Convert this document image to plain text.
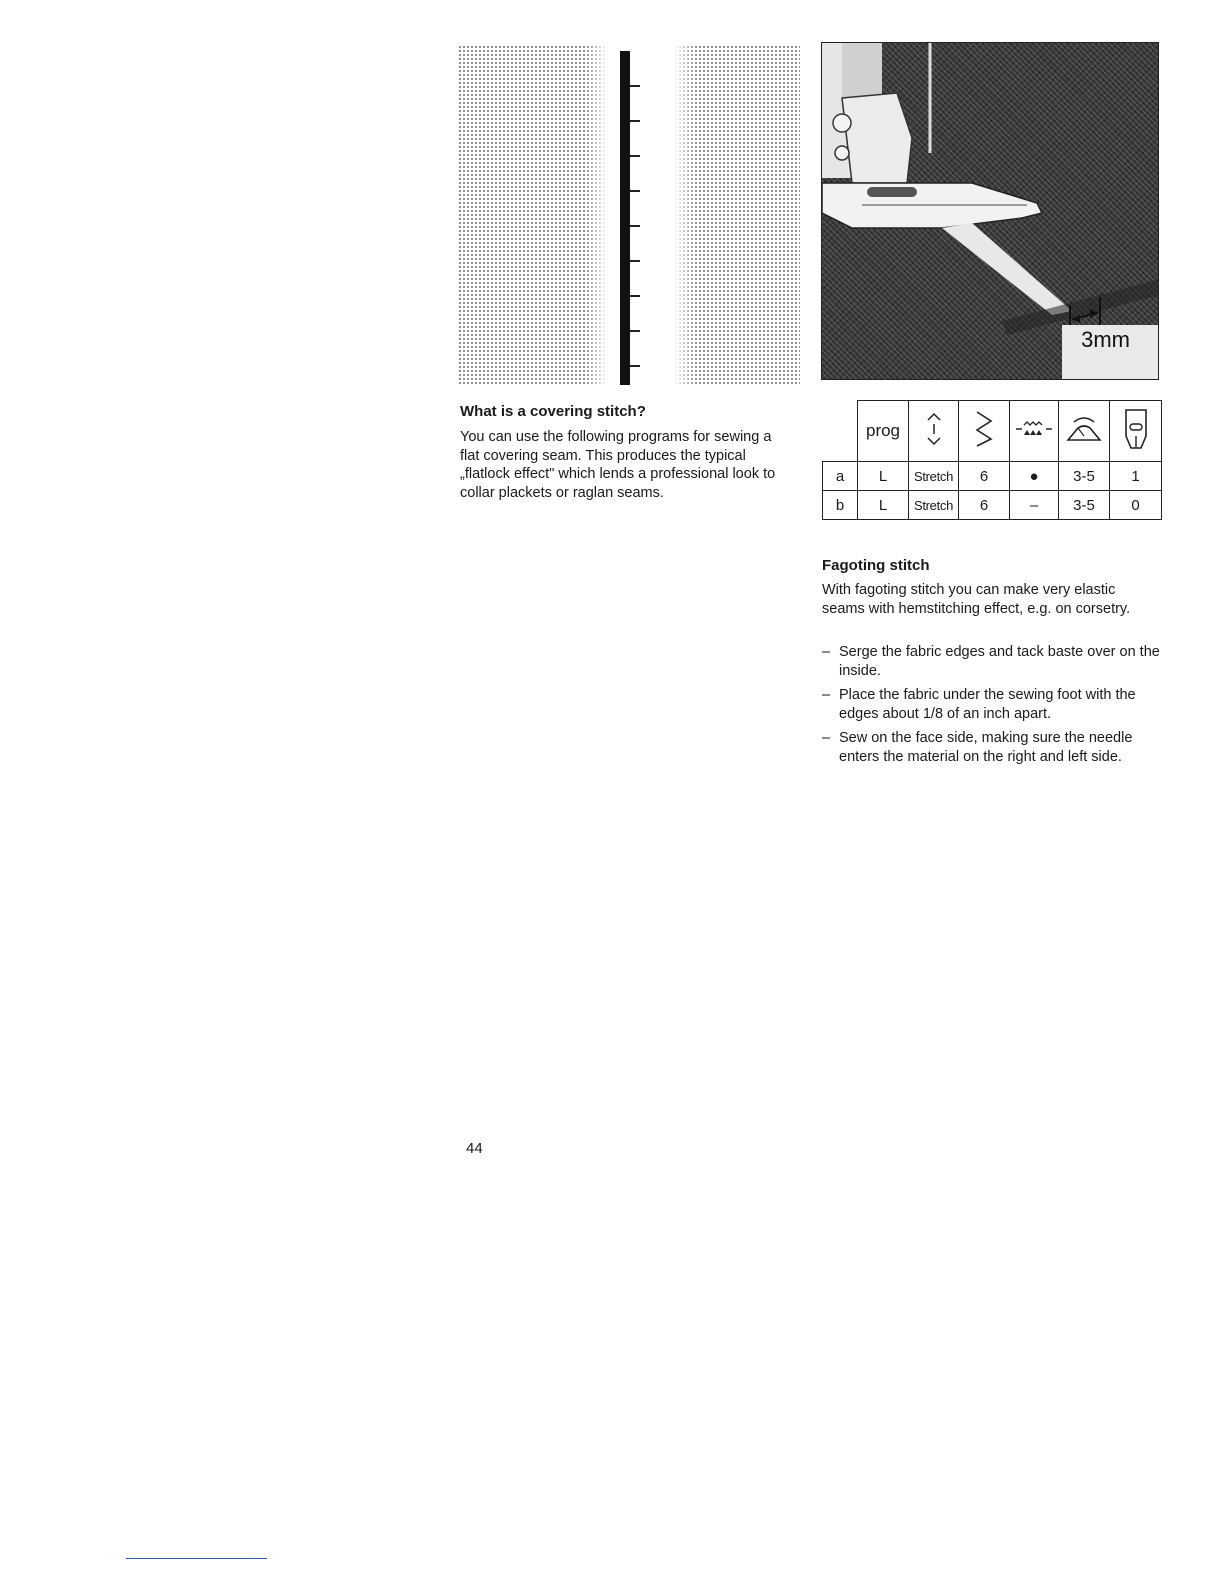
3mm
What is a covering stitch?
You can use the following programs for sewing a flat covering seam. This produces the typical „flatlock effect" which lends a professional look to collar plackets or raglan seams.
	prog					
a	L	Stretch	6	●	3-5	1
b	L	Stretch	6	–	3-5	0
Fagoting stitch
With fagoting stitch you can make very elastic seams with hemstitching effect, e.g. on corsetry.
– Serge the fabric edges and tack baste over on the inside.
– Place the fabric under the sewing foot with the edges about 1/8 of an inch apart.
– Sew on the face side, making sure the needle enters the material on the right and left side.
44
